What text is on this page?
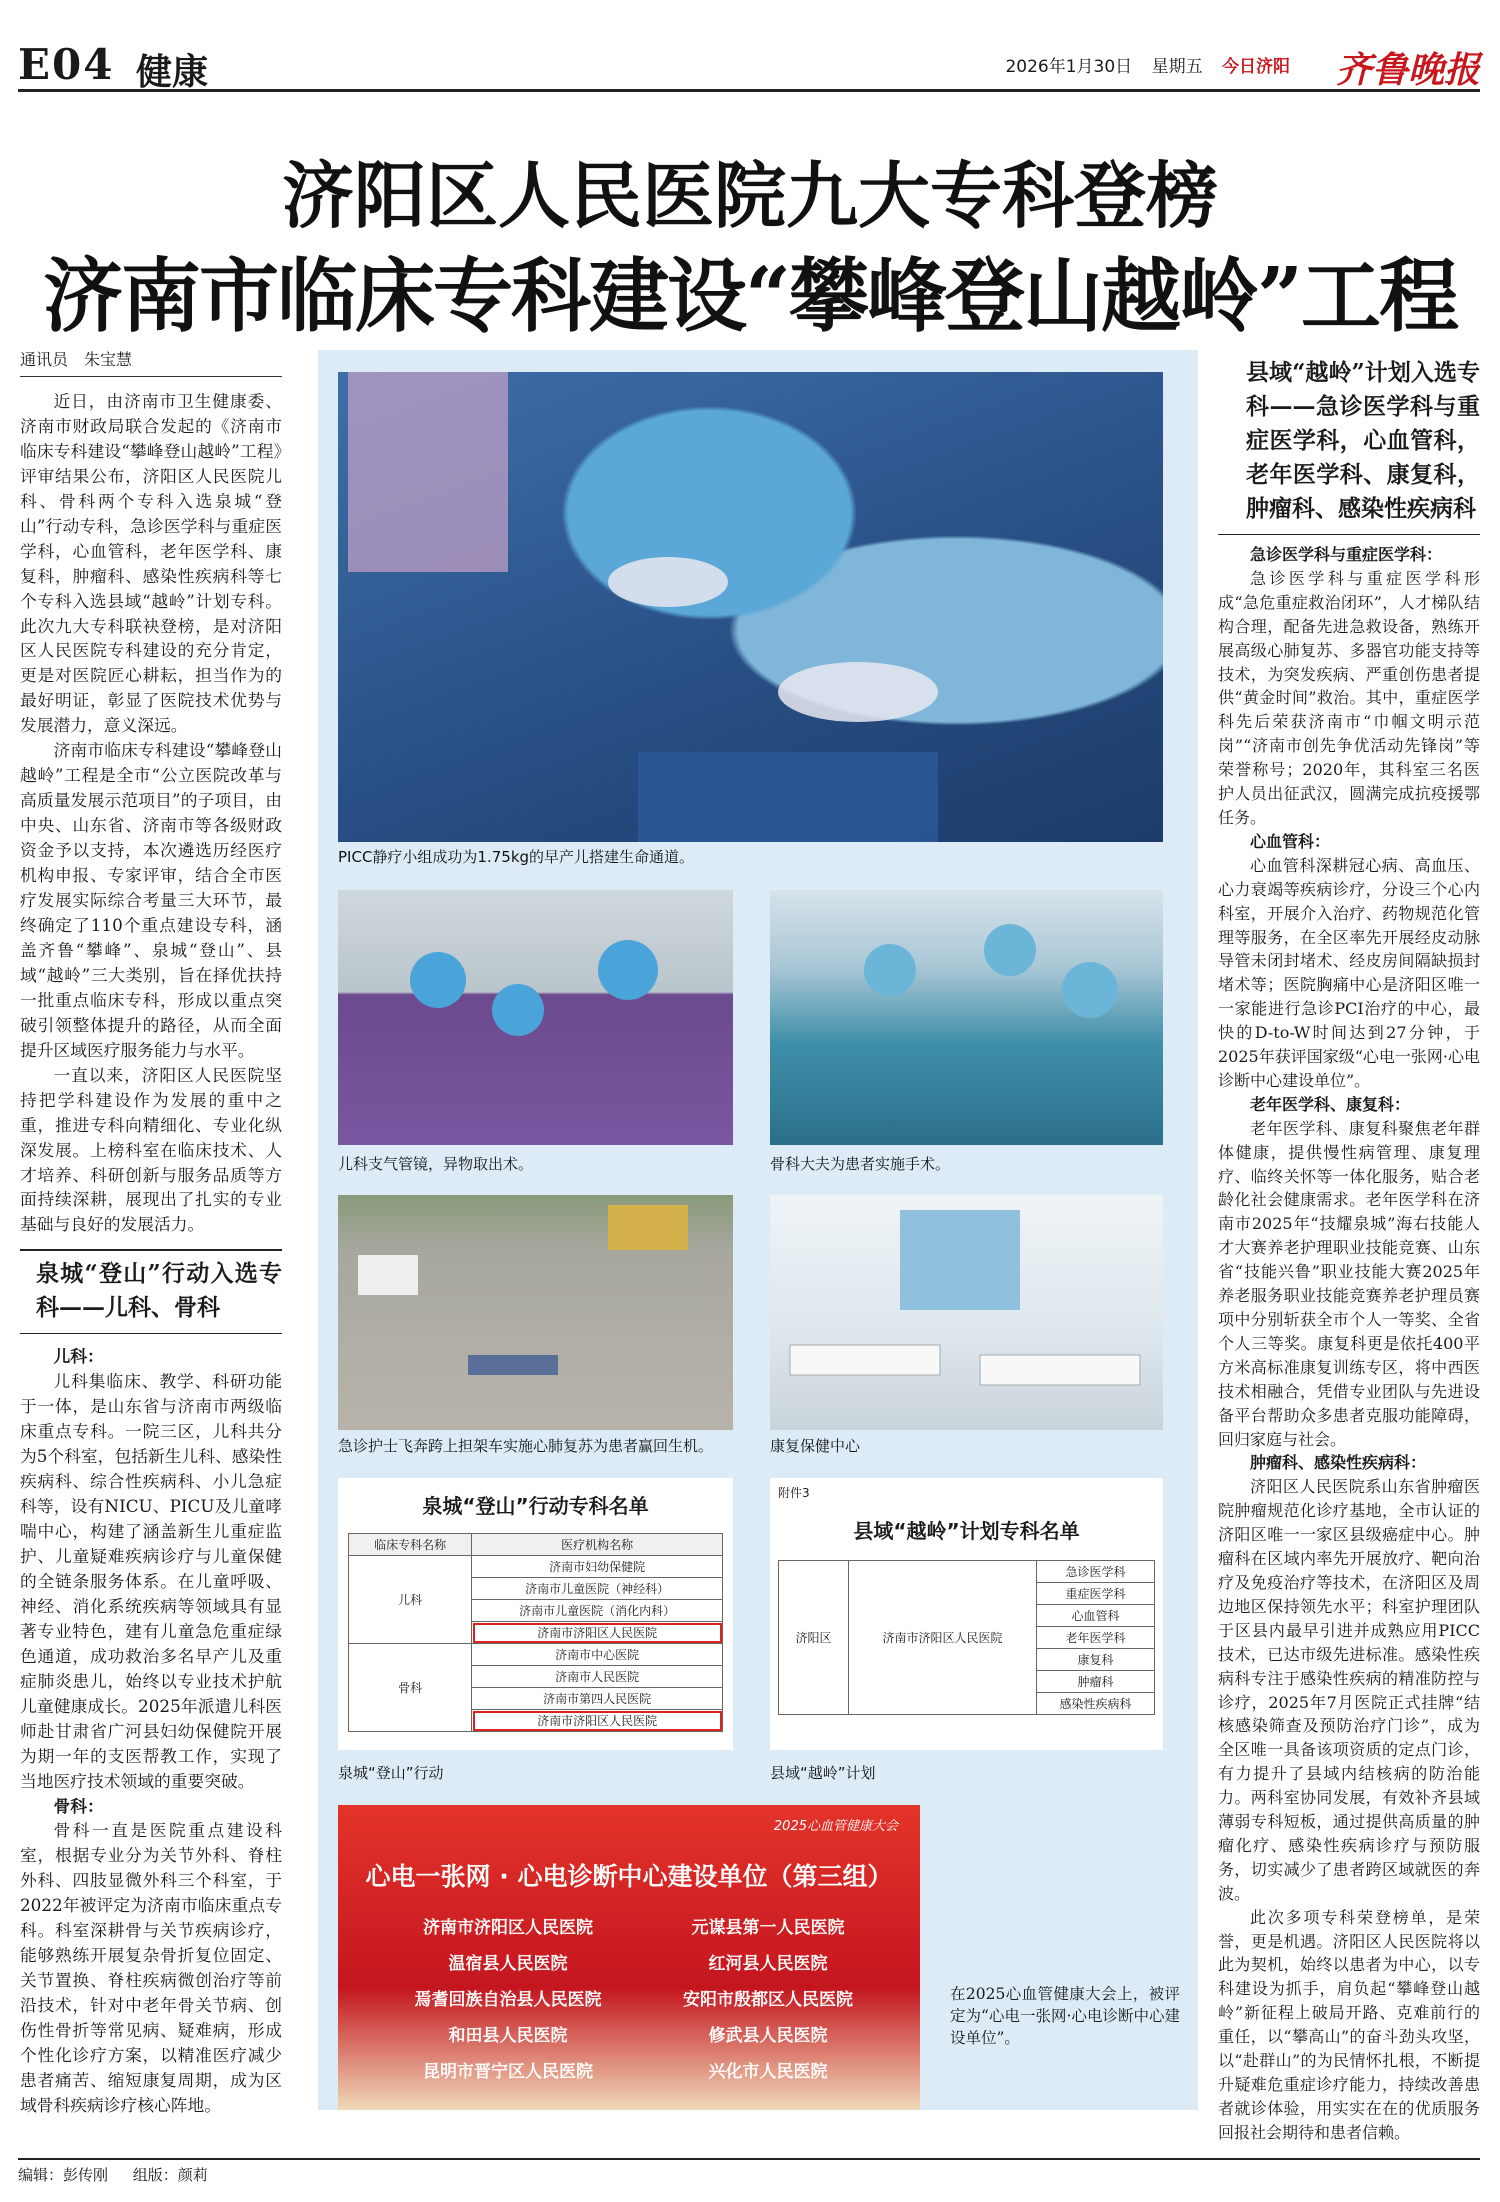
E04 健康	2026年1月30日 星期五 今日济阳 齐鲁晚报
济阳区人民医院九大专科登榜
济南市临床专科建设“攀峰登山越岭”工程
通讯员　朱宝慧

近日，由济南市卫生健康委、济南市财政局联合发起的《济南市临床专科建设“攀峰登山越岭”工程》评审结果公布，济阳区人民医院儿科、骨科两个专科入选泉城“登山”行动专科，急诊医学科与重症医学科，心血管科，老年医学科、康复科，肿瘤科、感染性疾病科等七个专科入选县域“越岭”计划专科。此次九大专科联袂登榜，是对济阳区人民医院专科建设的充分肯定，更是对医院匠心耕耘，担当作为的最好明证，彰显了医院技术优势与发展潜力，意义深远。

济南市临床专科建设“攀峰登山越岭”工程是全市“公立医院改革与高质量发展示范项目”的子项目，由中央、山东省、济南市等各级财政资金予以支持，本次遴选历经医疗机构申报、专家评审，结合全市医疗发展实际综合考量三大环节，最终确定了110个重点建设专科，涵盖齐鲁“攀峰”、泉城“登山”、县域“越岭”三大类别，旨在择优扶持一批重点临床专科，形成以重点突破引领整体提升的路径，从而全面提升区域医疗服务能力与水平。

一直以来，济阳区人民医院坚持把学科建设作为发展的重中之重，推进专科向精细化、专业化纵深发展。上榜科室在临床技术、人才培养、科研创新与服务品质等方面持续深耕，展现出了扎实的专业基础与良好的发展活力。

泉城“登山”行动入选专科——儿科、骨科

儿科：

儿科集临床、教学、科研功能于一体，是山东省与济南市两级临床重点专科。一院三区，儿科共分为5个科室，包括新生儿科、感染性疾病科、综合性疾病科、小儿急症科等，设有NICU、PICU及儿童哮喘中心，构建了涵盖新生儿重症监护、儿童疑难疾病诊疗与儿童保健的全链条服务体系。在儿童呼吸、神经、消化系统疾病等领域具有显著专业特色，建有儿童急危重症绿色通道，成功救治多名早产儿及重症肺炎患儿，始终以专业技术护航儿童健康成长。2025年派遣儿科医师赴甘肃省广河县妇幼保健院开展为期一年的支医帮教工作，实现了当地医疗技术领域的重要突破。

骨科：

骨科一直是医院重点建设科室，根据专业分为关节外科、脊柱外科、四肢显微外科三个科室，于2022年被评定为济南市临床重点专科。科室深耕骨与关节疾病诊疗，能够熟练开展复杂骨折复位固定、关节置换、脊柱疾病微创治疗等前沿技术，针对中老年骨关节病、创伤性骨折等常见病、疑难病，形成个性化诊疗方案，以精准医疗减少患者痛苦、缩短康复周期，成为区域骨科疾病诊疗核心阵地。

PICC静疗小组成功为1.75kg的早产儿搭建生命通道。
儿科支气管镜，异物取出术。	骨科大夫为患者实施手术。
急诊护士飞奔跨上担架车实施心肺复苏为患者赢回生机。	康复保健中心
泉城“登山”行动专科名单
临床专科名称	医疗机构名称
儿科	济南市妇幼保健院
	济南市儿童医院（神经科）
	济南市儿童医院（消化内科）
	济南市济阳区人民医院
骨科	济南市中心医院
	济南市人民医院
	济南市第四人民医院
	济南市济阳区人民医院
泉城“登山”行动
附件3
县域“越岭”计划专科名单
济阳区	济南市济阳区人民医院	急诊医学科
重症医学科
心血管科
老年医学科
康复科
肿瘤科
感染性疾病科
县域“越岭”计划
2025心血管健康大会
心电一张网 · 心电诊断中心建设单位（第三组）
济南市济阳区人民医院
温宿县人民医院
焉耆回族自治县人民医院
和田县人民医院
昆明市晋宁区人民医院
元谋县第一人民医院
红河县人民医院
安阳市殷都区人民医院
修武县人民医院
兴化市人民医院
在2025心血管健康大会上，被评定为“心电一张网·心电诊断中心建设单位”。
县域“越岭”计划入选专科——急诊医学科与重症医学科，心血管科，老年医学科、康复科，肿瘤科、感染性疾病科

急诊医学科与重症医学科：

急诊医学科与重症医学科形成“急危重症救治闭环”，人才梯队结构合理，配备先进急救设备，熟练开展高级心肺复苏、多器官功能支持等技术，为突发疾病、严重创伤患者提供“黄金时间”救治。其中，重症医学科先后荣获济南市“巾帼文明示范岗”“济南市创先争优活动先锋岗”等荣誉称号；2020年，其科室三名医护人员出征武汉，圆满完成抗疫援鄂任务。

心血管科：

心血管科深耕冠心病、高血压、心力衰竭等疾病诊疗，分设三个心内科室，开展介入治疗、药物规范化管理等服务，在全区率先开展经皮动脉导管未闭封堵术、经皮房间隔缺损封堵术等；医院胸痛中心是济阳区唯一一家能进行急诊PCI治疗的中心，最快的D-to-W时间达到27分钟，于2025年获评国家级“心电一张网·心电诊断中心建设单位”。

老年医学科、康复科：

老年医学科、康复科聚焦老年群体健康，提供慢性病管理、康复理疗、临终关怀等一体化服务，贴合老龄化社会健康需求。老年医学科在济南市2025年“技耀泉城”海右技能人才大赛养老护理职业技能竞赛、山东省“技能兴鲁”职业技能大赛2025年养老服务职业技能竞赛养老护理员赛项中分别斩获全市个人一等奖、全省个人三等奖。康复科更是依托400平方米高标准康复训练专区，将中西医技术相融合，凭借专业团队与先进设备平台帮助众多患者克服功能障碍，回归家庭与社会。

肿瘤科、感染性疾病科：

济阳区人民医院系山东省肿瘤医院肿瘤规范化诊疗基地，全市认证的济阳区唯一一家区县级癌症中心。肿瘤科在区域内率先开展放疗、靶向治疗及免疫治疗等技术，在济阳区及周边地区保持领先水平；科室护理团队于区县内最早引进并成熟应用PICC技术，已达市级先进标准。感染性疾病科专注于感染性疾病的精准防控与诊疗，2025年7月医院正式挂牌“结核感染筛查及预防治疗门诊”，成为全区唯一具备该项资质的定点门诊，有力提升了县域内结核病的防治能力。两科室协同发展，有效补齐县域薄弱专科短板，通过提供高质量的肿瘤化疗、感染性疾病诊疗与预防服务，切实减少了患者跨区域就医的奔波。

此次多项专科荣登榜单，是荣誉，更是机遇。济阳区人民医院将以此为契机，始终以患者为中心，以专科建设为抓手，肩负起“攀峰登山越岭”新征程上破局开路、克难前行的重任，以“攀高山”的奋斗劲头攻坚，以“赴群山”的为民情怀扎根，不断提升疑难危重症诊疗能力，持续改善患者就诊体验，用实实在在的优质服务回报社会期待和患者信赖。

编辑：彭传刚 组版：颜莉
